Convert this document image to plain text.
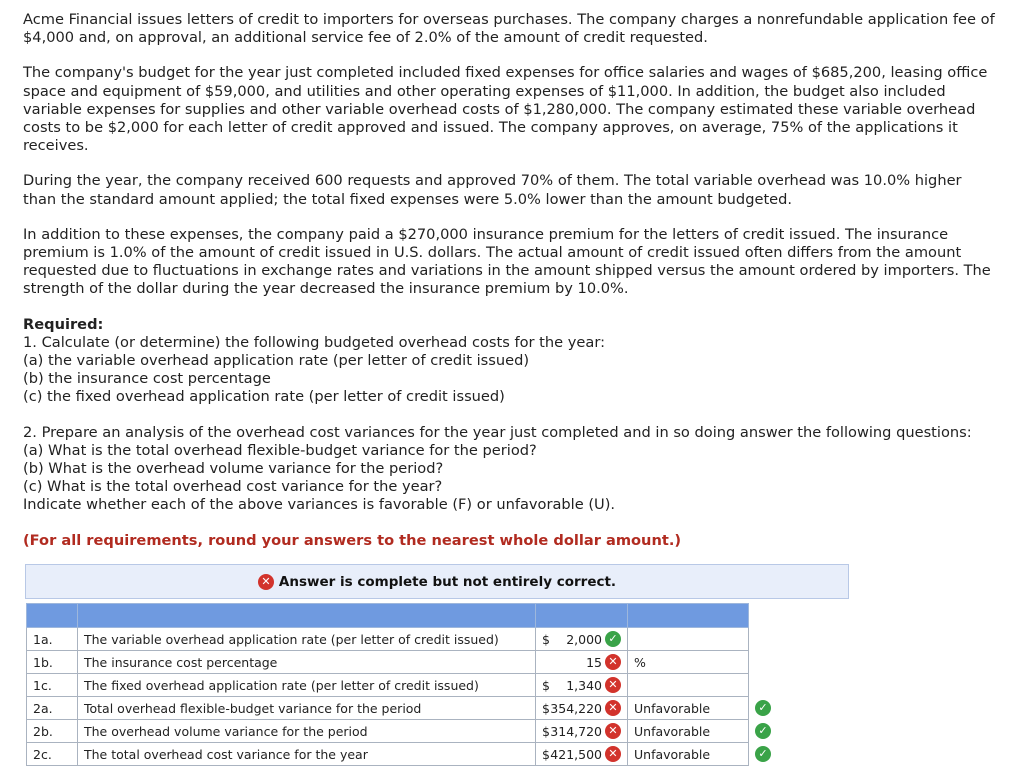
Acme Financial issues letters of credit to importers for overseas purchases. The company charges a nonrefundable application fee of $4,000 and, on approval, an additional service fee of 2.0% of the amount of credit requested.

The company's budget for the year just completed included fixed expenses for office salaries and wages of $685,200, leasing office space and equipment of $59,000, and utilities and other operating expenses of $11,000. In addition, the budget also included variable expenses for supplies and other variable overhead costs of $1,280,000. The company estimated these variable overhead costs to be $2,000 for each letter of credit approved and issued. The company approves, on average, 75% of the applications it receives.

During the year, the company received 600 requests and approved 70% of them. The total variable overhead was 10.0% higher than the standard amount applied; the total fixed expenses were 5.0% lower than the amount budgeted.

In addition to these expenses, the company paid a $270,000 insurance premium for the letters of credit issued. The insurance premium is 1.0% of the amount of credit issued in U.S. dollars. The actual amount of credit issued often differs from the amount requested due to fluctuations in exchange rates and variations in the amount shipped versus the amount ordered by importers. The strength of the dollar during the year decreased the insurance premium by 10.0%.

Required:
1. Calculate (or determine) the following budgeted overhead costs for the year:
(a) the variable overhead application rate (per letter of credit issued)
(b) the insurance cost percentage
(c) the fixed overhead application rate (per letter of credit issued)
2. Prepare an analysis of the overhead cost variances for the year just completed and in so doing answer the following questions:
(a) What is the total overhead flexible-budget variance for the period?
(b) What is the overhead volume variance for the period?
(c) What is the total overhead cost variance for the year?
Indicate whether each of the above variances is favorable (F) or unfavorable (U).
(For all requirements, round your answers to the nearest whole dollar amount.)
✕ Answer is complete but not entirely correct.

1a.	The variable overhead application rate (per letter of credit issued)	$ 2,000 ✓		

1b.	The insurance cost percentage	15 ✕	%	
1c.	The fixed overhead application rate (per letter of credit issued)	$ 1,340 ✕		

2a.	Total overhead flexible-budget variance for the period	$ 354,220 ✕	Unfavorable	✓
2b.	The overhead volume variance for the period	$ 314,720 ✕	Unfavorable	✓
2c.	The total overhead cost variance for the year	$ 421,500 ✕	Unfavorable	✓
